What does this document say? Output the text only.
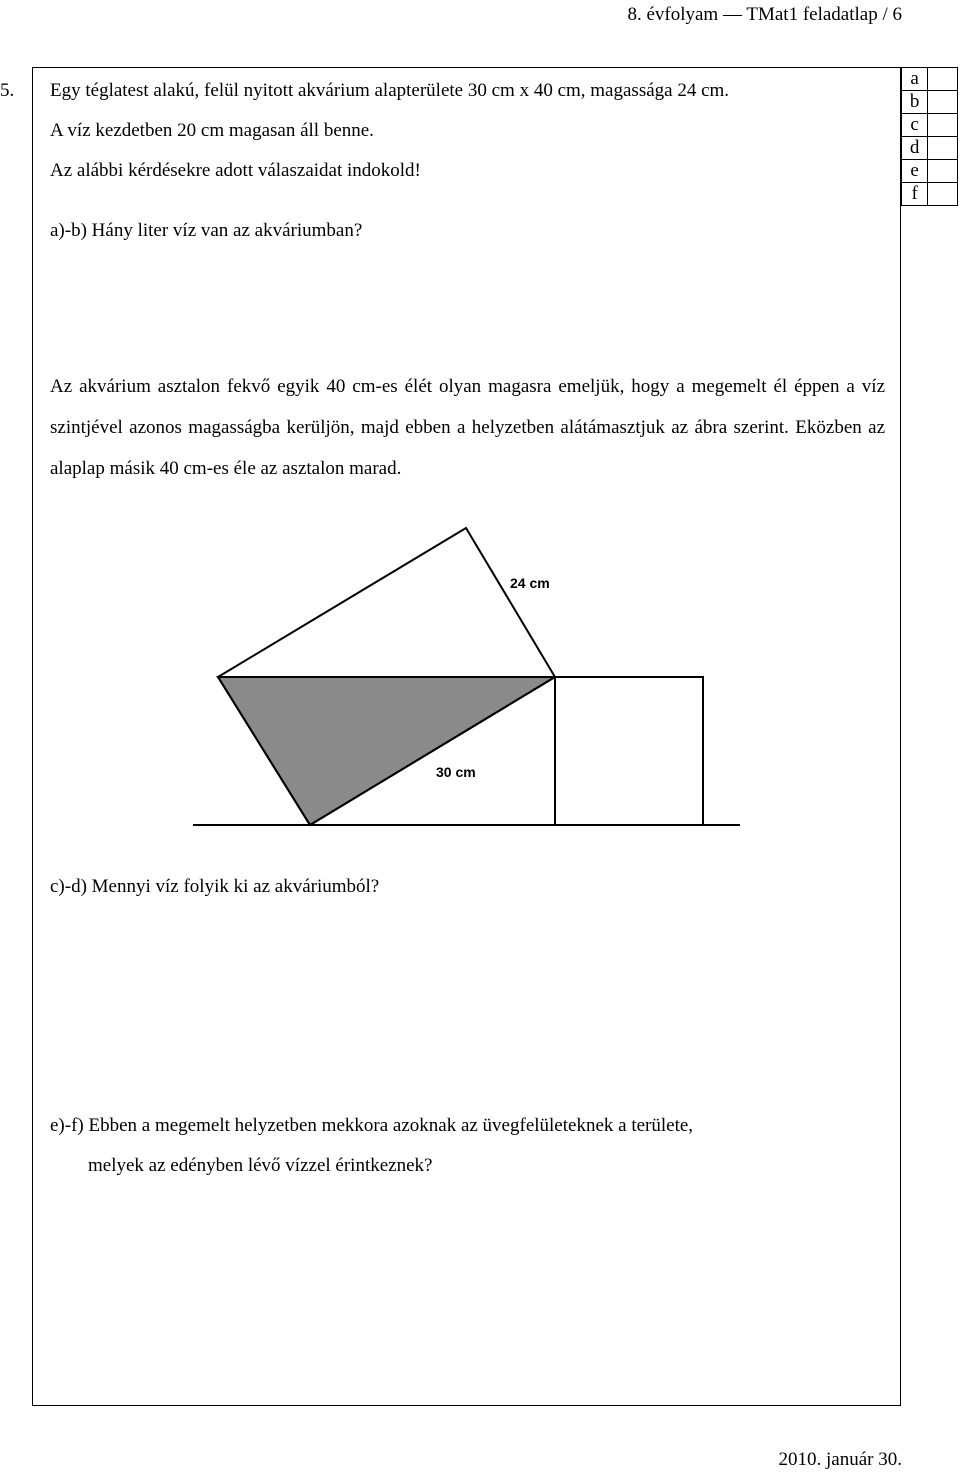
8. évfolyam — TMat1 feladatlap / 6
5. Egy téglatest alakú, felül nyitott akvárium alapterülete 30 cm x 40 cm, magassága 24 cm.
A víz kezdetben 20 cm magasan áll benne.
Az alábbi kérdésekre adott válaszaidat indokold!
a)-b) Hány liter víz van az akváriumban?
a	
b	
c	
d	
e	
f	
Az akvárium asztalon fekvő egyik 40 cm-es élét olyan magasra emeljük, hogy a megemelt él éppen a víz szintjével azonos magasságba kerüljön, majd ebben a helyzetben alátámasztjuk az ábra szerint. Eközben az alaplap másik 40 cm-es éle az asztalon marad.
24 cm
30 cm
c)-d) Mennyi víz folyik ki az akváriumból?
e)-f) Ebben a megemelt helyzetben mekkora azoknak az üvegfelületeknek a területe,
melyek az edényben lévő vízzel érintkeznek?
2010. január 30.
